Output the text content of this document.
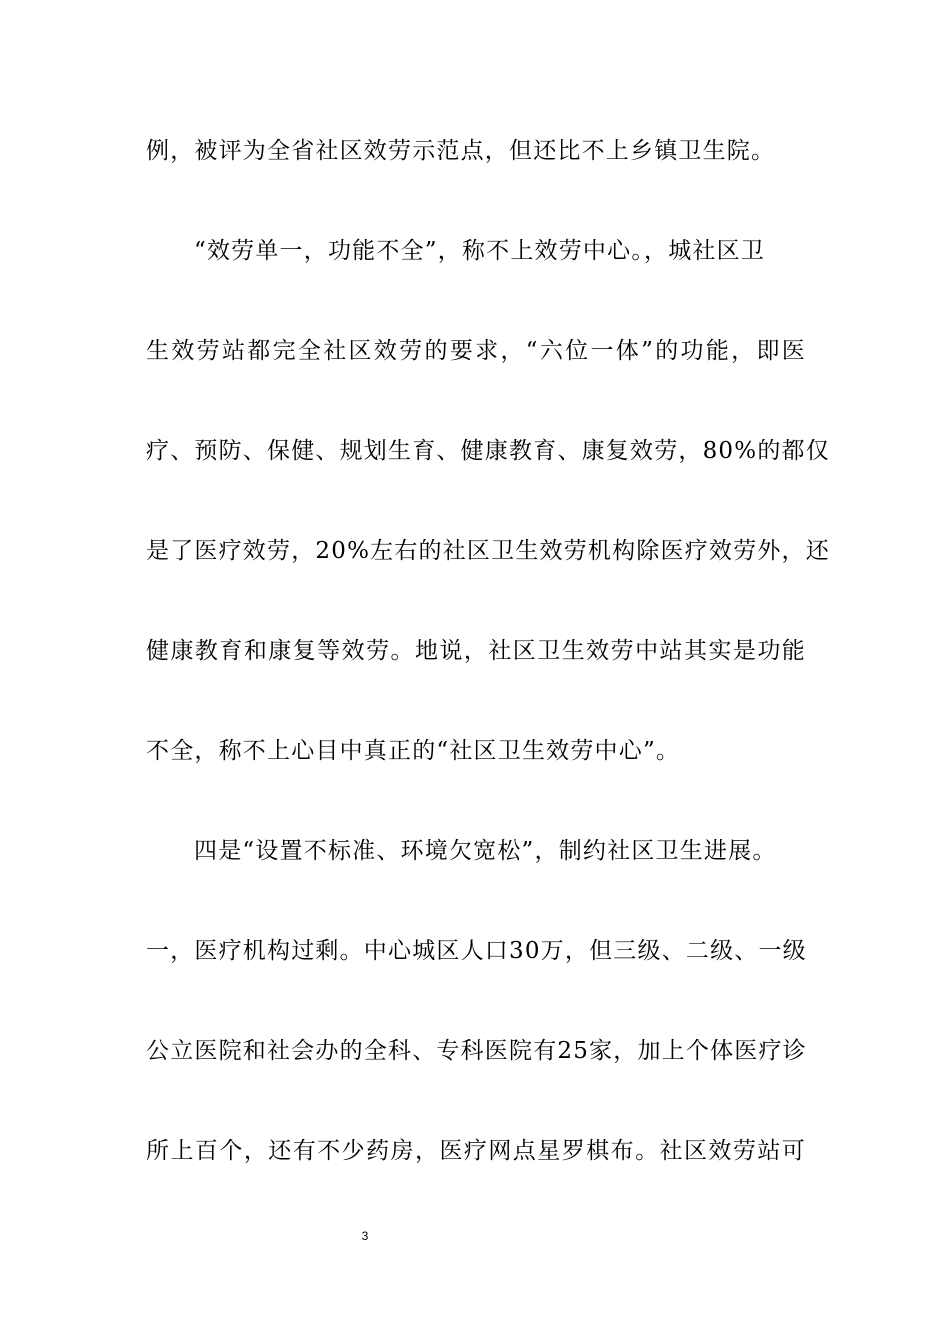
例，被评为全省社区效劳示范点，但还比不上乡镇卫生院。
“效劳单一，功能不全”，称不上效劳中心。，城社区卫
生效劳站都完全社区效劳的要求，“六位一体”的功能，即医
疗、预防、保健、规划生育、健康教育、康复效劳，80%的都仅
是了医疗效劳，20%左右的社区卫生效劳机构除医疗效劳外，还
健康教育和康复等效劳。地说，社区卫生效劳中站其实是功能
不全，称不上心目中真正的“社区卫生效劳中心”。
四是“设置不标准、环境欠宽松”，制约社区卫生进展。
一，医疗机构过剩。中心城区人口30万，但三级、二级、一级
公立医院和社会办的全科、专科医院有25家，加上个体医疗诊
所上百个，还有不少药房，医疗网点星罗棋布。社区效劳站可
3
